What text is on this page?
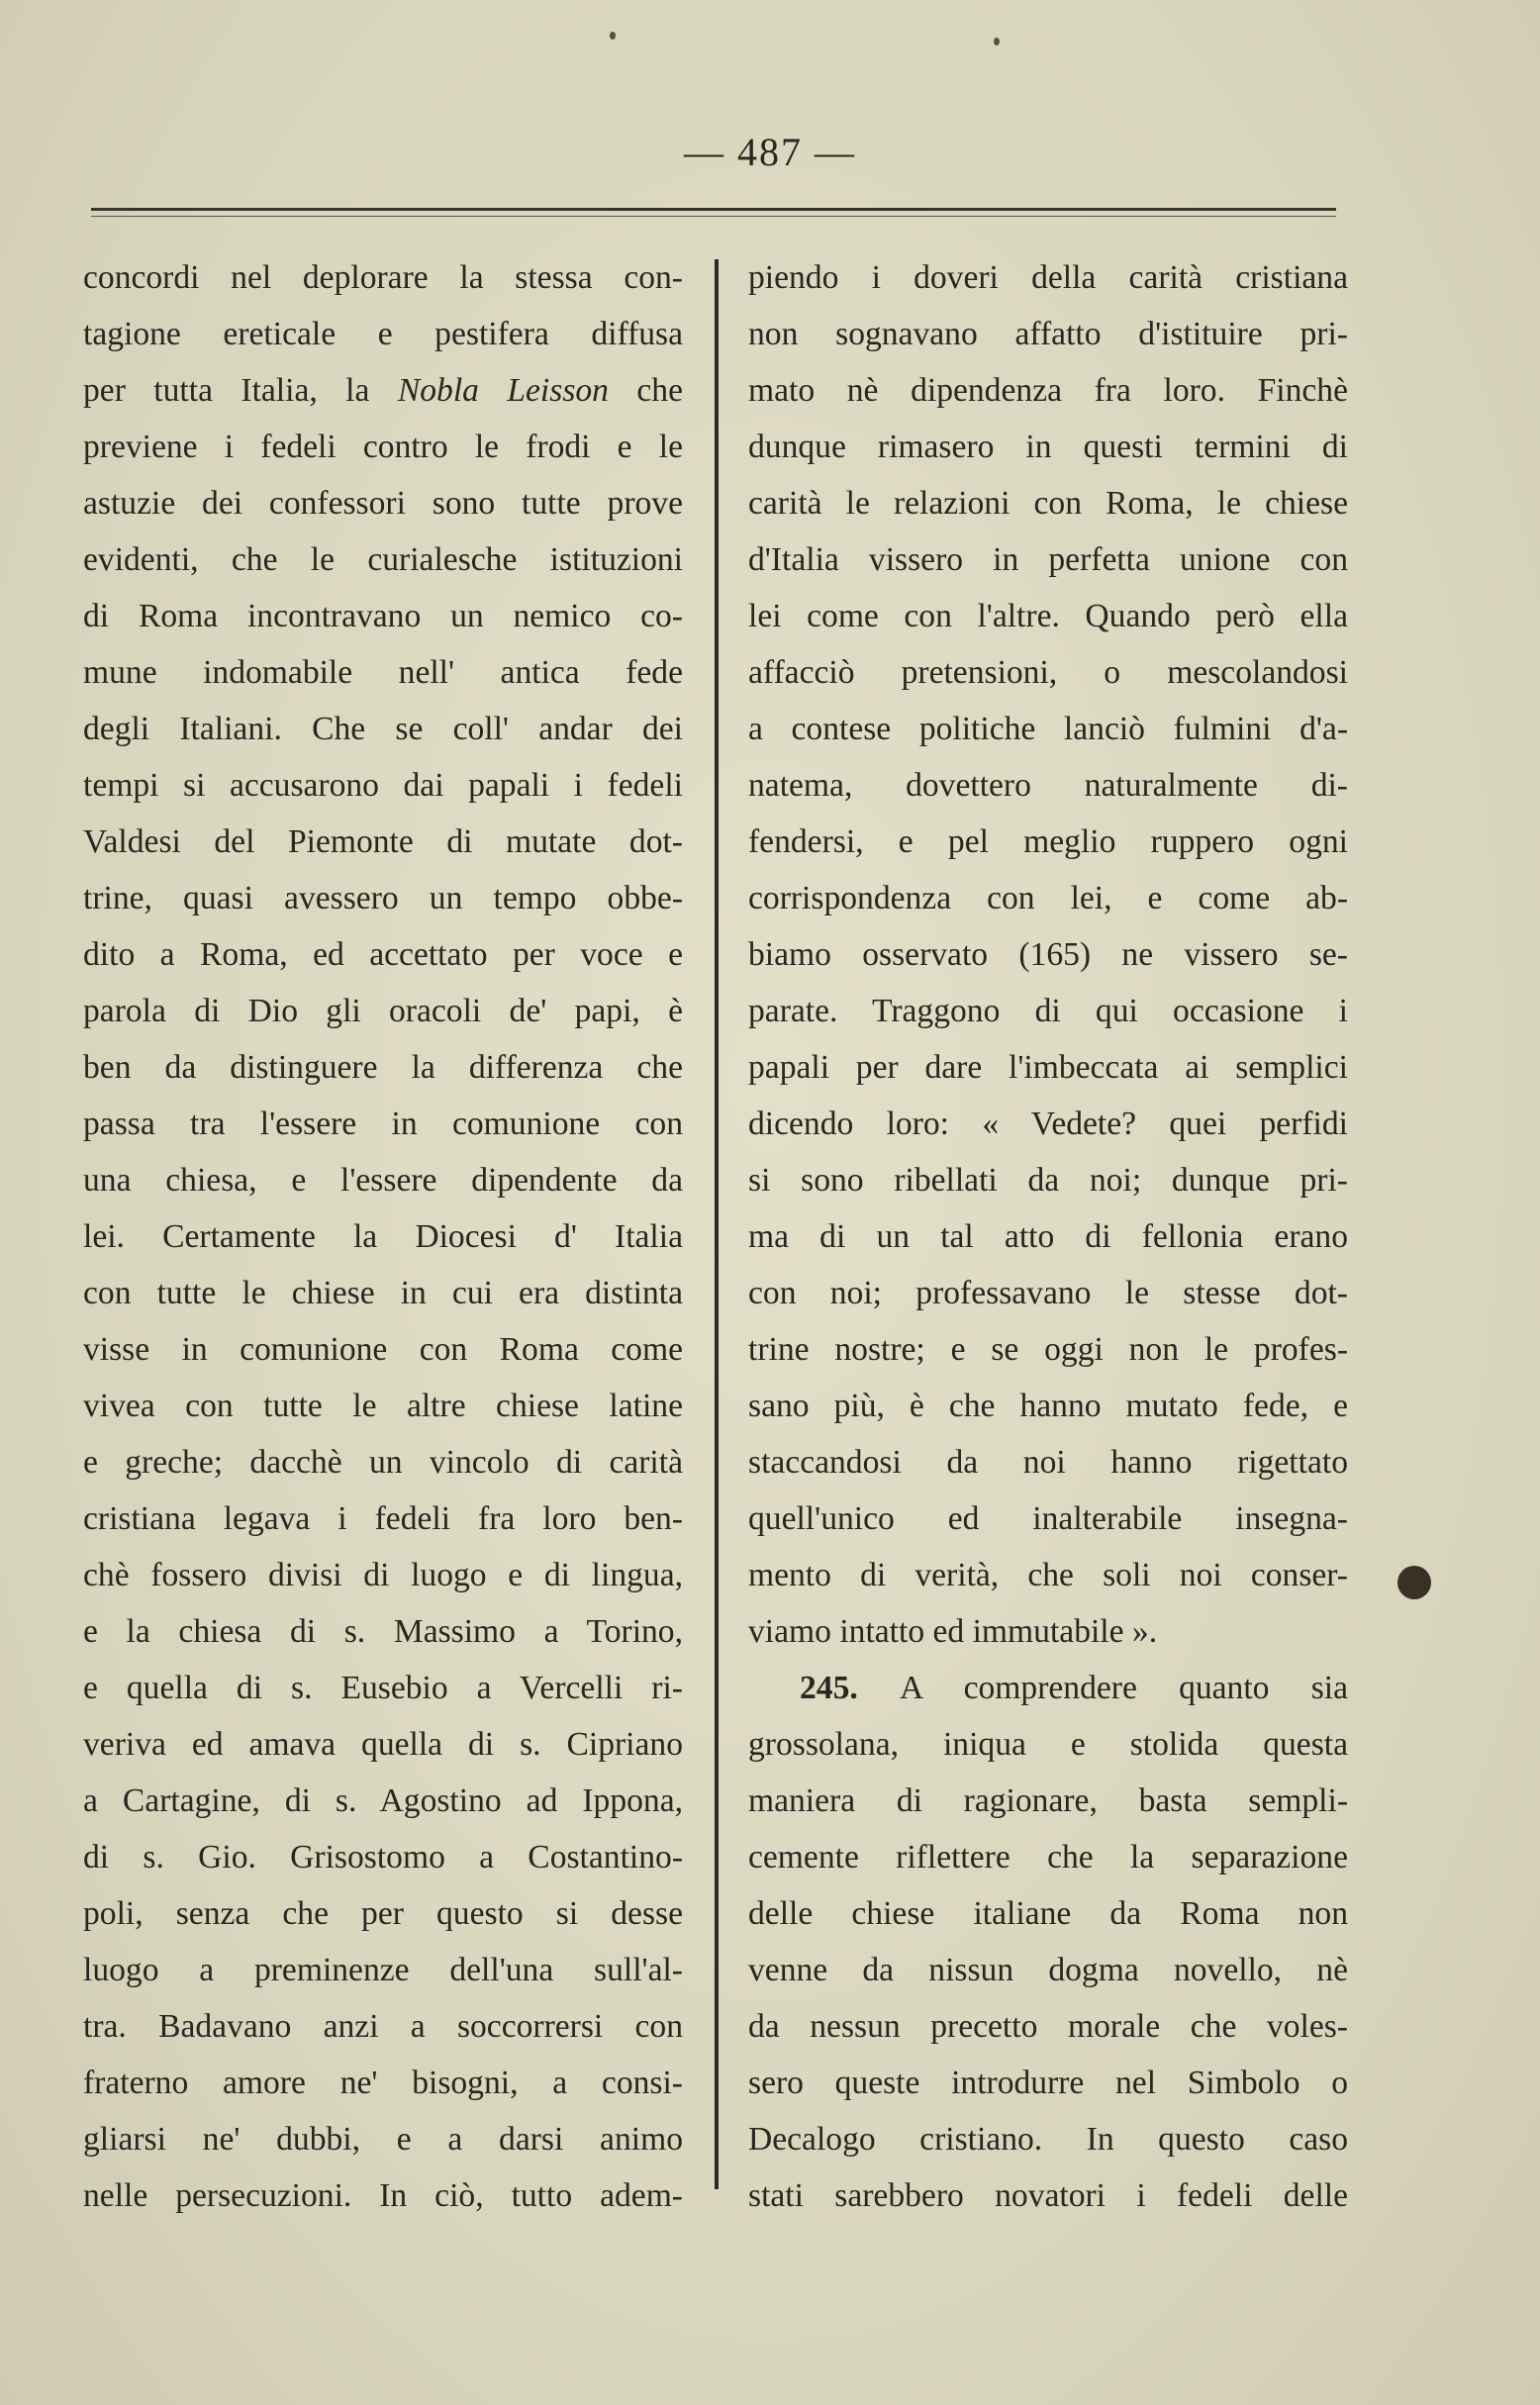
— 487 —
concordi nel deplorare la stessa con-
tagione ereticale e pestifera diffusa
per tutta Italia, la Nobla Leisson che
previene i fedeli contro le frodi e le
astuzie dei confessori sono tutte prove
evidenti, che le curialesche istituzioni
di Roma incontravano un nemico co-
mune indomabile nell' antica fede
degli Italiani. Che se coll' andar dei
tempi si accusarono dai papali i fedeli
Valdesi del Piemonte di mutate dot-
trine, quasi avessero un tempo obbe-
dito a Roma, ed accettato per voce e
parola di Dio gli oracoli de' papi, è
ben da distinguere la differenza che
passa tra l'essere in comunione con
una chiesa, e l'essere dipendente da
lei. Certamente la Diocesi d' Italia
con tutte le chiese in cui era distinta
visse in comunione con Roma come
vivea con tutte le altre chiese latine
e greche; dacchè un vincolo di carità
cristiana legava i fedeli fra loro ben-
chè fossero divisi di luogo e di lingua,
e la chiesa di s. Massimo a Torino,
e quella di s. Eusebio a Vercelli ri-
veriva ed amava quella di s. Cipriano
a Cartagine, di s. Agostino ad Ippona,
di s. Gio. Grisostomo a Costantino-
poli, senza che per questo si desse
luogo a preminenze dell'una sull'al-
tra. Badavano anzi a soccorrersi con
fraterno amore ne' bisogni, a consi-
gliarsi ne' dubbi, e a darsi animo
nelle persecuzioni. In ciò, tutto adem-
piendo i doveri della carità cristiana
non sognavano affatto d'istituire pri-
mato nè dipendenza fra loro. Finchè
dunque rimasero in questi termini di
carità le relazioni con Roma, le chiese
d'Italia vissero in perfetta unione con
lei come con l'altre. Quando però ella
affacciò pretensioni, o mescolandosi
a contese politiche lanciò fulmini d'a-
natema, dovettero naturalmente di-
fendersi, e pel meglio ruppero ogni
corrispondenza con lei, e come ab-
biamo osservato (165) ne vissero se-
parate. Traggono di qui occasione i
papali per dare l'imbeccata ai semplici
dicendo loro: « Vedete? quei perfidi
si sono ribellati da noi; dunque pri-
ma di un tal atto di fellonia erano
con noi; professavano le stesse dot-
trine nostre; e se oggi non le profes-
sano più, è che hanno mutato fede, e
staccandosi da noi hanno rigettato
quell'unico ed inalterabile insegna-
mento di verità, che soli noi conser-
viamo intatto ed immutabile ».
245. A comprendere quanto sia
grossolana, iniqua e stolida questa
maniera di ragionare, basta sempli-
cemente riflettere che la separazione
delle chiese italiane da Roma non
venne da nissun dogma novello, nè
da nessun precetto morale che voles-
sero queste introdurre nel Simbolo o
Decalogo cristiano. In questo caso
stati sarebbero novatori i fedeli delle
